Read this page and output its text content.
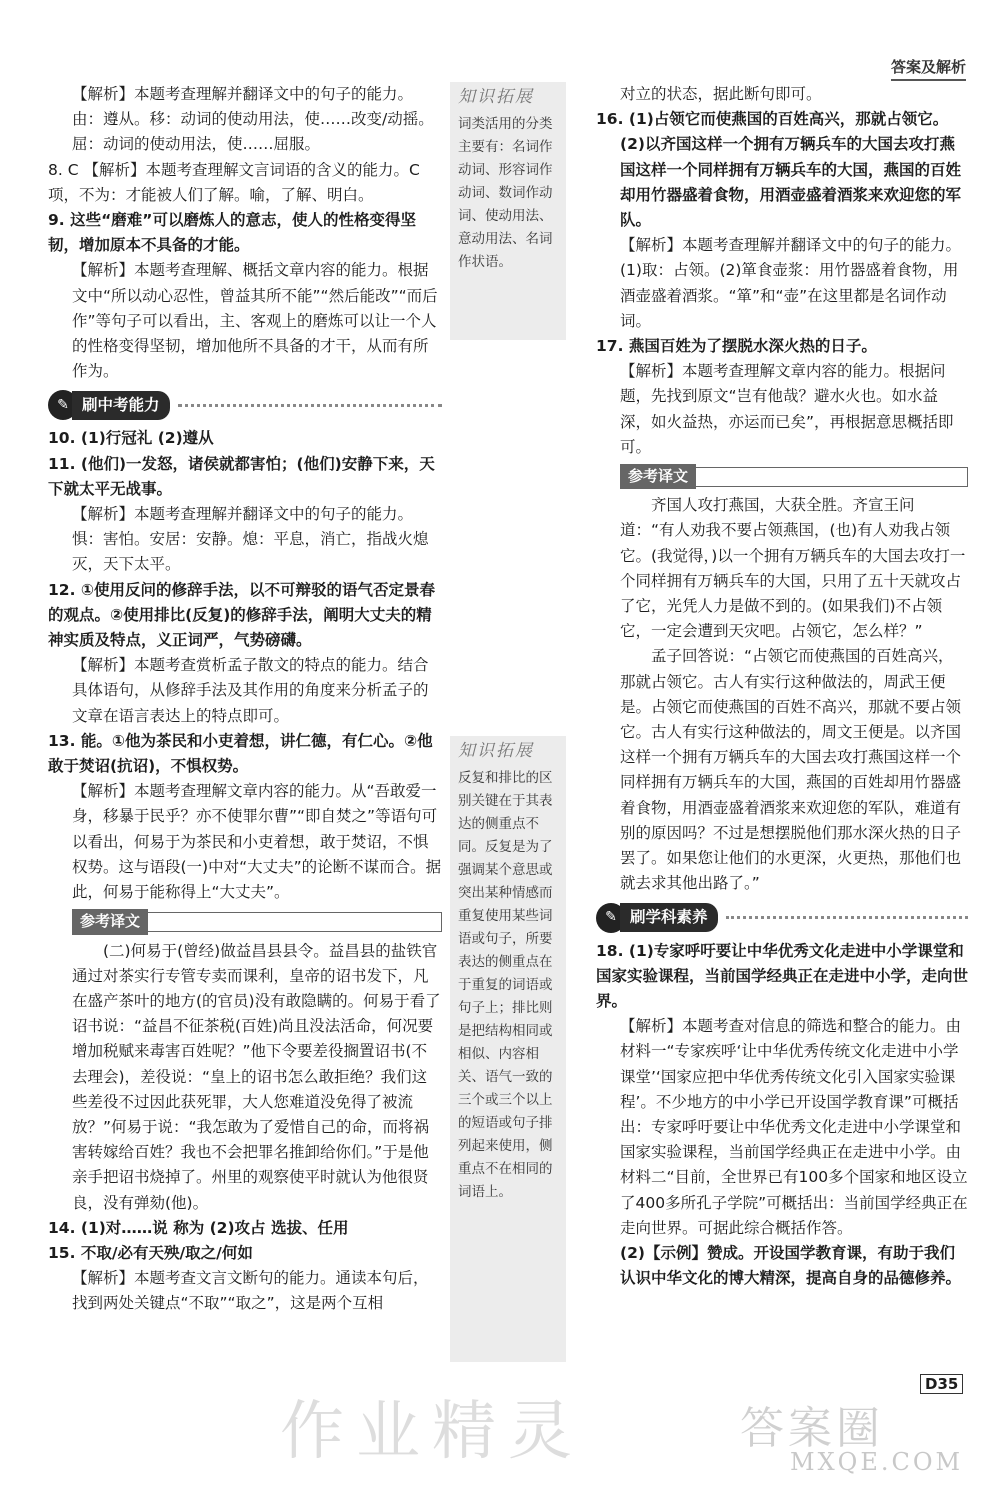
答案及解析

【解析】本题考查理解并翻译文中的句子的能力。由：遵从。移：动词的使动用法，使……改变/动摇。屈：动词的使动用法，使……屈服。

8. C 【解析】本题考查理解文言词语的含义的能力。C项，不为：才能被人们了解。喻，了解、明白。

9. 这些“磨难”可以磨炼人的意志，使人的性格变得坚韧，增加原本不具备的才能。

【解析】本题考查理解、概括文章内容的能力。根据文中“所以动心忍性，曾益其所不能”“然后能改”“而后作”等句子可以看出，主、客观上的磨炼可以让一个人的性格变得坚韧，增加他所不具备的才干，从而有所作为。

✎ 刷中考能力

10. (1)行冠礼 (2)遵从

11. (他们)一发怒，诸侯就都害怕；(他们)安静下来，天下就太平无战事。

【解析】本题考查理解并翻译文中的句子的能力。惧：害怕。安居：安静。熄：平息，消亡，指战火熄灭，天下太平。

12. ①使用反问的修辞手法，以不可辩驳的语气否定景春的观点。②使用排比(反复)的修辞手法，阐明大丈夫的精神实质及特点，义正词严，气势磅礴。

【解析】本题考查赏析孟子散文的特点的能力。结合具体语句，从修辞手法及其作用的角度来分析孟子的文章在语言表达上的特点即可。

13. 能。①他为茶民和小吏着想，讲仁德，有仁心。②他敢于焚诏(抗诏)，不惧权势。

【解析】本题考查理解文章内容的能力。从“吾敢爱一身，移暴于民乎？亦不使罪尔曹”“即自焚之”等语句可以看出，何易于为茶民和小吏着想，敢于焚诏，不惧权势。这与语段(一)中对“大丈夫”的论断不谋而合。据此，何易于能称得上“大丈夫”。

参考译文

(二)何易于(曾经)做益昌县县令。益昌县的盐铁官通过对茶实行专管专卖而课利，皇帝的诏书发下，凡在盛产茶叶的地方(的官员)没有敢隐瞒的。何易于看了诏书说：“益昌不征茶税(百姓)尚且没法活命，何况要增加税赋来毒害百姓呢？”他下令要差役搁置诏书(不去理会)，差役说：“皇上的诏书怎么敢拒绝？我们这些差役不过因此获死罪，大人您难道没免得了被流放？”何易于说：“我怎敢为了爱惜自己的命，而将祸害转嫁给百姓？我也不会把罪名推卸给你们。”于是他亲手把诏书烧掉了。州里的观察使平时就认为他很贤良，没有弹劾(他)。

14. (1)对……说 称为 (2)攻占 选拔、任用

15. 不取/必有天殃/取之/何如

【解析】本题考查文言文断句的能力。通读本句后，找到两处关键点“不取”“取之”，这是两个互相

知识拓展
词类活用的分类主要有：名词作动词、形容词作动词、数词作动词、使动用法、意动用法、名词作状语。
知识拓展
反复和排比的区别关键在于其表达的侧重点不同。反复是为了强调某个意思或突出某种情感而重复使用某些词语或句子，所要表达的侧重点在于重复的词语或句子上；排比则是把结构相同或相似、内容相关、语气一致的三个或三个以上的短语或句子排列起来使用，侧重点不在相同的词语上。

对立的状态，据此断句即可。

16. (1)占领它而使燕国的百姓高兴，那就占领它。

(2)以齐国这样一个拥有万辆兵车的大国去攻打燕国这样一个同样拥有万辆兵车的大国，燕国的百姓却用竹器盛着食物，用酒壶盛着酒浆来欢迎您的军队。

【解析】本题考查理解并翻译文中的句子的能力。(1)取：占领。(2)箪食壶浆：用竹器盛着食物，用酒壶盛着酒浆。“箪”和“壶”在这里都是名词作动词。

17. 燕国百姓为了摆脱水深火热的日子。

【解析】本题考查理解文章内容的能力。根据问题，先找到原文“岂有他哉？避水火也。如水益深，如火益热，亦运而已矣”，再根据意思概括即可。

参考译文

齐国人攻打燕国，大获全胜。齐宣王问道：“有人劝我不要占领燕国，(也)有人劝我占领它。(我觉得，)以一个拥有万辆兵车的大国去攻打一个同样拥有万辆兵车的大国，只用了五十天就攻占了它，光凭人力是做不到的。(如果我们)不占领它，一定会遭到天灾吧。占领它，怎么样？”

孟子回答说：“占领它而使燕国的百姓高兴，那就占领它。古人有实行这种做法的，周武王便是。占领它而使燕国的百姓不高兴，那就不要占领它。古人有实行这种做法的，周文王便是。以齐国这样一个拥有万辆兵车的大国去攻打燕国这样一个同样拥有万辆兵车的大国，燕国的百姓却用竹器盛着食物，用酒壶盛着酒浆来欢迎您的军队，难道有别的原因吗？不过是想摆脱他们那水深火热的日子罢了。如果您让他们的水更深，火更热，那他们也就去求其他出路了。”

✎ 刷学科素养

18. (1)专家呼吁要让中华优秀文化走进中小学课堂和国家实验课程，当前国学经典正在走进中小学，走向世界。

【解析】本题考查对信息的筛选和整合的能力。由材料一“专家疾呼‘让中华优秀传统文化走进中小学课堂’‘国家应把中华优秀传统文化引入国家实验课程’。不少地方的中小学已开设国学教育课”可概括出：专家呼吁要让中华优秀文化走进中小学课堂和国家实验课程，当前国学经典正在走进中小学。由材料二“目前，全世界已有100多个国家和地区设立了400多所孔子学院”可概括出：当前国学经典正在走向世界。可据此综合概括作答。

(2)【示例】赞成。开设国学教育课，有助于我们认识中华文化的博大精深，提高自身的品德修养。

D35
作业精灵	答案圈
MXQE.COM
